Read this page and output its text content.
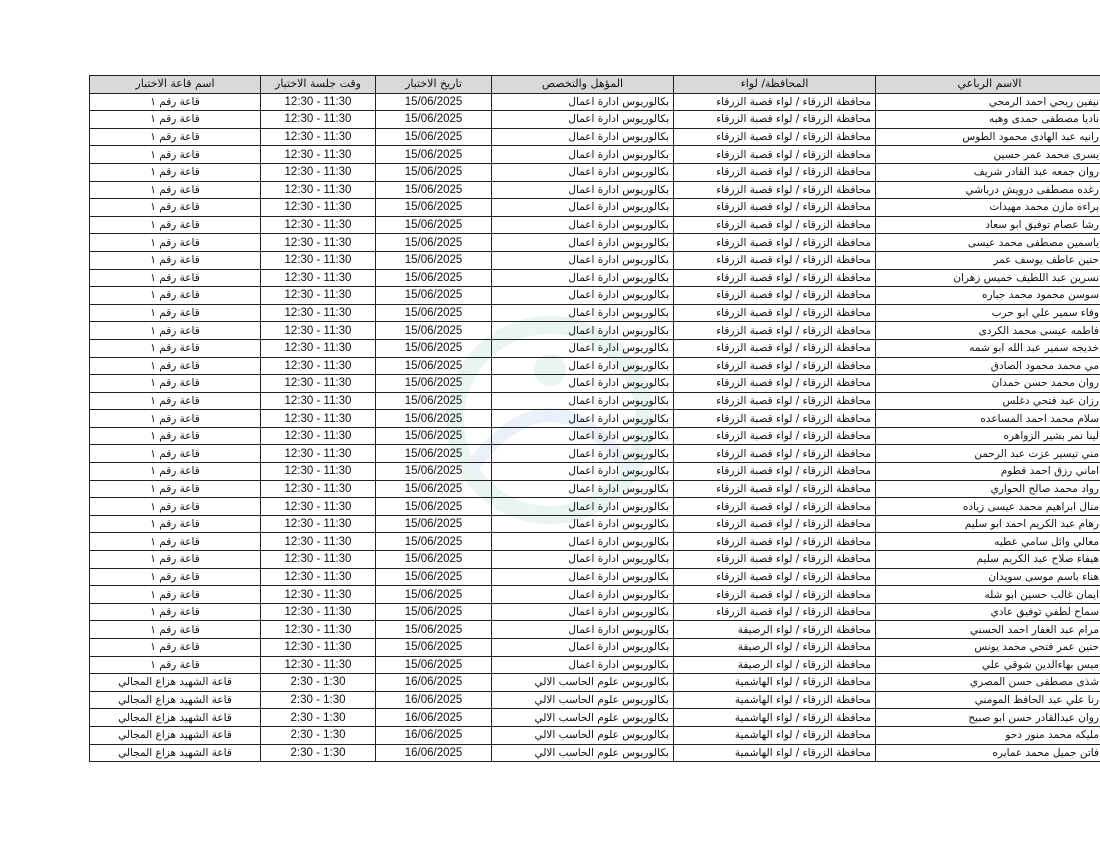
الاسم الرباعي	المحافظة/ لواء	المؤهل والتخصص	تاريخ الاختبار	وقت جلسة الاختبار	اسم قاعة الاختبار
نيفين ريحي احمد الرمحي	محافظة الزرقاء / لواء قصبة الزرقاء	بكالوريوس ادارة اعمال	15/06/2025	12:30 - 11:30	قاعة رقم ١
ناديا مصطفى حمدى وهبه	محافظة الزرقاء / لواء قصبة الزرقاء	بكالوريوس ادارة اعمال	15/06/2025	12:30 - 11:30	قاعة رقم ١
رانيه عبد الهادى محمود الطوس	محافظة الزرقاء / لواء قصبة الزرقاء	بكالوريوس ادارة اعمال	15/06/2025	12:30 - 11:30	قاعة رقم ١
يسرى محمد عمر حسين	محافظة الزرقاء / لواء قصبة الزرقاء	بكالوريوس ادارة اعمال	15/06/2025	12:30 - 11:30	قاعة رقم ١
روان جمعه عبد القادر شريف	محافظة الزرقاء / لواء قصبة الزرقاء	بكالوريوس ادارة اعمال	15/06/2025	12:30 - 11:30	قاعة رقم ١
رغده مصطفى درويش درباشي	محافظة الزرقاء / لواء قصبة الزرقاء	بكالوريوس ادارة اعمال	15/06/2025	12:30 - 11:30	قاعة رقم ١
براءه مازن محمد مهيدات	محافظة الزرقاء / لواء قصبة الزرقاء	بكالوريوس ادارة اعمال	15/06/2025	12:30 - 11:30	قاعة رقم ١
رشا عصام توفيق ابو سعاد	محافظة الزرقاء / لواء قصبة الزرقاء	بكالوريوس ادارة اعمال	15/06/2025	12:30 - 11:30	قاعة رقم ١
ياسمين مصطفى محمد عيسى	محافظة الزرقاء / لواء قصبة الزرقاء	بكالوريوس ادارة اعمال	15/06/2025	12:30 - 11:30	قاعة رقم ١
حنين عاطف يوسف عمر	محافظة الزرقاء / لواء قصبة الزرقاء	بكالوريوس ادارة اعمال	15/06/2025	12:30 - 11:30	قاعة رقم ١
نسرين عبد اللطيف خميس زهران	محافظة الزرقاء / لواء قصبة الزرقاء	بكالوريوس ادارة اعمال	15/06/2025	12:30 - 11:30	قاعة رقم ١
سوسن محمود محمد جباره	محافظة الزرقاء / لواء قصبة الزرقاء	بكالوريوس ادارة اعمال	15/06/2025	12:30 - 11:30	قاعة رقم ١
وفاء سمير علي ابو حرب	محافظة الزرقاء / لواء قصبة الزرقاء	بكالوريوس ادارة اعمال	15/06/2025	12:30 - 11:30	قاعة رقم ١
فاطمه عيسى محمد الكردى	محافظة الزرقاء / لواء قصبة الزرقاء	بكالوريوس ادارة اعمال	15/06/2025	12:30 - 11:30	قاعة رقم ١
خديجه سمير عبد الله ابو شمه	محافظة الزرقاء / لواء قصبة الزرقاء	بكالوريوس ادارة اعمال	15/06/2025	12:30 - 11:30	قاعة رقم ١
مي محمد محمود الصادق	محافظة الزرقاء / لواء قصبة الزرقاء	بكالوريوس ادارة اعمال	15/06/2025	12:30 - 11:30	قاعة رقم ١
روان محمد حسن حمدان	محافظة الزرقاء / لواء قصبة الزرقاء	بكالوريوس ادارة اعمال	15/06/2025	12:30 - 11:30	قاعة رقم ١
رزان عبد فتحي دغلس	محافظة الزرقاء / لواء قصبة الزرقاء	بكالوريوس ادارة اعمال	15/06/2025	12:30 - 11:30	قاعة رقم ١
سلام محمد احمد المساعده	محافظة الزرقاء / لواء قصبة الزرقاء	بكالوريوس ادارة اعمال	15/06/2025	12:30 - 11:30	قاعة رقم ١
لينا نمر بشير الزواهره	محافظة الزرقاء / لواء قصبة الزرقاء	بكالوريوس ادارة اعمال	15/06/2025	12:30 - 11:30	قاعة رقم ١
مني تيسير عزت عبد الرحمن	محافظة الزرقاء / لواء قصبة الزرقاء	بكالوريوس ادارة اعمال	15/06/2025	12:30 - 11:30	قاعة رقم ١
اماني رزق احمد قطوم	محافظة الزرقاء / لواء قصبة الزرقاء	بكالوريوس ادارة اعمال	15/06/2025	12:30 - 11:30	قاعة رقم ١
رواد محمد صالح الحواري	محافظة الزرقاء / لواء قصبة الزرقاء	بكالوريوس ادارة اعمال	15/06/2025	12:30 - 11:30	قاعة رقم ١
منال ابراهيم محمد عيسى زياده	محافظة الزرقاء / لواء قصبة الزرقاء	بكالوريوس ادارة اعمال	15/06/2025	12:30 - 11:30	قاعة رقم ١
رهام عبد الكريم احمد ابو سليم	محافظة الزرقاء / لواء قصبة الزرقاء	بكالوريوس ادارة اعمال	15/06/2025	12:30 - 11:30	قاعة رقم ١
معالي وائل سامي عطيه	محافظة الزرقاء / لواء قصبة الزرقاء	بكالوريوس ادارة اعمال	15/06/2025	12:30 - 11:30	قاعة رقم ١
هيفاء صلاح عبد الكريم سليم	محافظة الزرقاء / لواء قصبة الزرقاء	بكالوريوس ادارة اعمال	15/06/2025	12:30 - 11:30	قاعة رقم ١
هناء باسم موسى سويدان	محافظة الزرقاء / لواء قصبة الزرقاء	بكالوريوس ادارة اعمال	15/06/2025	12:30 - 11:30	قاعة رقم ١
ايمان غالب حسين ابو شله	محافظة الزرقاء / لواء قصبة الزرقاء	بكالوريوس ادارة اعمال	15/06/2025	12:30 - 11:30	قاعة رقم ١
سماح لطفي توفيق عادي	محافظة الزرقاء / لواء قصبة الزرقاء	بكالوريوس ادارة اعمال	15/06/2025	12:30 - 11:30	قاعة رقم ١
مرام عبد الغفار احمد الحسني	محافظة الزرقاء / لواء الرصيفة	بكالوريوس ادارة اعمال	15/06/2025	12:30 - 11:30	قاعة رقم ١
حنين عمر فتحي محمد يونس	محافظة الزرقاء / لواء الرصيفة	بكالوريوس ادارة اعمال	15/06/2025	12:30 - 11:30	قاعة رقم ١
ميس بهاءالدين شوقي علي	محافظة الزرقاء / لواء الرصيفة	بكالوريوس ادارة اعمال	15/06/2025	12:30 - 11:30	قاعة رقم ١
شذى مصطفى حسن المصري	محافظة الزرقاء / لواء الهاشمية	بكالوريوس علوم الحاسب الالي	16/06/2025	2:30 - 1:30	قاعة الشهيد هزاع المجالي
رنا علي عبد الحافظ المومني	محافظة الزرقاء / لواء الهاشمية	بكالوريوس علوم الحاسب الالي	16/06/2025	2:30 - 1:30	قاعة الشهيد هزاع المجالي
روان عبدالقادر حسن ابو صبيح	محافظة الزرقاء / لواء الهاشمية	بكالوريوس علوم الحاسب الالي	16/06/2025	2:30 - 1:30	قاعة الشهيد هزاع المجالي
مليكه محمد منور دحو	محافظة الزرقاء / لواء الهاشمية	بكالوريوس علوم الحاسب الالي	16/06/2025	2:30 - 1:30	قاعة الشهيد هزاع المجالي
فاتن جميل محمد عمايره	محافظة الزرقاء / لواء الهاشمية	بكالوريوس علوم الحاسب الالي	16/06/2025	2:30 - 1:30	قاعة الشهيد هزاع المجالي
